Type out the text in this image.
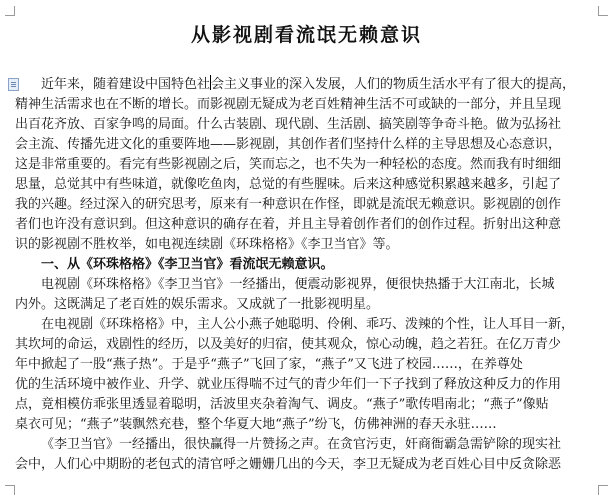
从影视剧看流氓无赖意识
近年来，随着建设中国特色社会主义事业的深入发展，人们的物质生活水平有了很大的提高，
精神生活需求也在不断的增长。而影视剧无疑成为老百姓精神生活不可或缺的一部分，并且呈现
出百花齐放、百家争鸣的局面。什么古装剧、现代剧、生活剧、搞笑剧等争奇斗艳。做为弘扬社
会主流、传播先进文化的重要阵地——影视剧，其创作者们坚持什么样的主导思想及心态意识，
这是非常重要的。看完有些影视剧之后，笑而忘之，也不失为一种轻松的态度。然而我有时细细
思量，总觉其中有些味道，就像吃鱼肉，总觉的有些腥味。后来这种感觉积累越来越多，引起了
我的兴趣。经过深入的研究思考，原来有一种意识在作怪，即就是流氓无赖意识。影视剧的创作
者们也许没有意识到。但这种意识的确存在着，并且主导着创作者们的创作过程。折射出这种意
识的影视剧不胜枚举，如电视连续剧《环珠格格》《李卫当官》等。
一、从《环珠格格》《李卫当官》看流氓无赖意识。
电视剧《环珠格格》《李卫当官》一经播出，便震动影视界，便很快热播于大江南北，长城
内外。这既满足了老百姓的娱乐需求。又成就了一批影视明星。
在电视剧《环珠格格》中，主人公小燕子她聪明、伶俐、乖巧、泼辣的个性，让人耳目一新，
其坎坷的命运，戏剧性的经历，以及美好的归宿，使其观众，惊心动魄，趋之若狂。在亿万青少
年中掀起了一股“燕子热”。于是乎“燕子”飞回了家，“燕子”又飞进了校园……，在养尊处
优的生活环境中被作业、升学、就业压得喘不过气的青少年们一下子找到了释放这种反力的作用
点，竟相模仿乖张里透显着聪明，活波里夹杂着淘气、调皮。“燕子”歌传唱南北；“燕子”像贴
桌衣可见；“燕子”装飘然充巷，整个华夏大地“燕子”纷飞，仿佛神洲的春天永驻……
《李卫当官》一经播出，很快赢得一片赞扬之声。在贪官污吏，奸商衙霸急需铲除的现实社
会中，人们心中期盼的老包式的清官呼之姗姗几出的今天，李卫无疑成为老百姓心目中反贪除恶
